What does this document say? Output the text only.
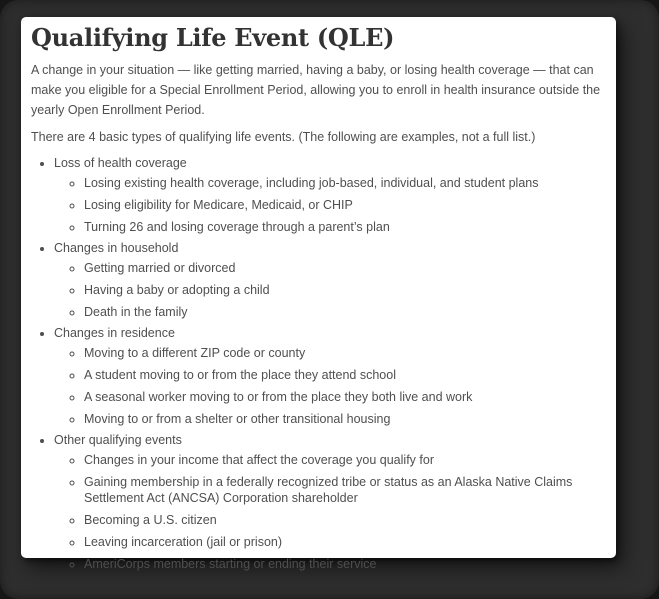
Qualifying Life Event (QLE)

A change in your situation — like getting married, having a baby, or losing health coverage — that can make you eligible for a Special Enrollment Period, allowing you to enroll in health insurance outside the yearly Open Enrollment Period.

There are 4 basic types of qualifying life events. (The following are examples, not a full list.)

• Loss of health coverage
◦ Losing existing health coverage, including job-based, individual, and student plans
◦ Losing eligibility for Medicare, Medicaid, or CHIP
◦ Turning 26 and losing coverage through a parent’s plan
• Changes in household
◦ Getting married or divorced
◦ Having a baby or adopting a child
◦ Death in the family
• Changes in residence
◦ Moving to a different ZIP code or county
◦ A student moving to or from the place they attend school
◦ A seasonal worker moving to or from the place they both live and work
◦ Moving to or from a shelter or other transitional housing
• Other qualifying events
◦ Changes in your income that affect the coverage you qualify for
◦ Gaining membership in a federally recognized tribe or status as an Alaska Native Claims Settlement Act (ANCSA) Corporation shareholder
◦ Becoming a U.S. citizen
◦ Leaving incarceration (jail or prison)
◦ AmeriCorps members starting or ending their service
